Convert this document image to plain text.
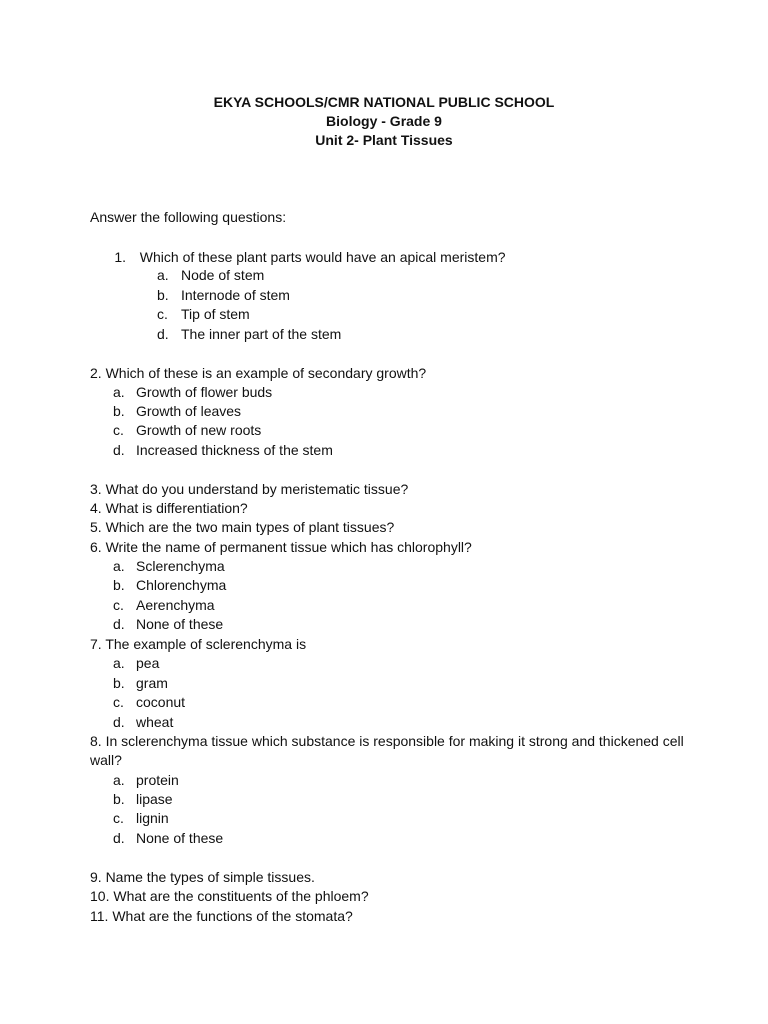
EKYA SCHOOLS/CMR NATIONAL PUBLIC SCHOOL
Biology - Grade 9
Unit 2- Plant Tissues
Answer the following questions:
1. Which of these plant parts would have an apical meristem?
a. Node of stem
b. Internode of stem
c. Tip of stem
d. The inner part of the stem
2. Which of these is an example of secondary growth?
a. Growth of flower buds
b. Growth of leaves
c. Growth of new roots
d. Increased thickness of the stem
3. What do you understand by meristematic tissue?
4. What is differentiation?
5. Which are the two main types of plant tissues?
6. Write the name of permanent tissue which has chlorophyll?
a. Sclerenchyma
b. Chlorenchyma
c. Aerenchyma
d. None of these
7. The example of sclerenchyma is
a. pea
b. gram
c. coconut
d. wheat
8. In sclerenchyma tissue which substance is responsible for making it strong and thickened cell
wall?
a. protein
b. lipase
c. lignin
d. None of these
9. Name the types of simple tissues.
10. What are the constituents of the phloem?
11. What are the functions of the stomata?
